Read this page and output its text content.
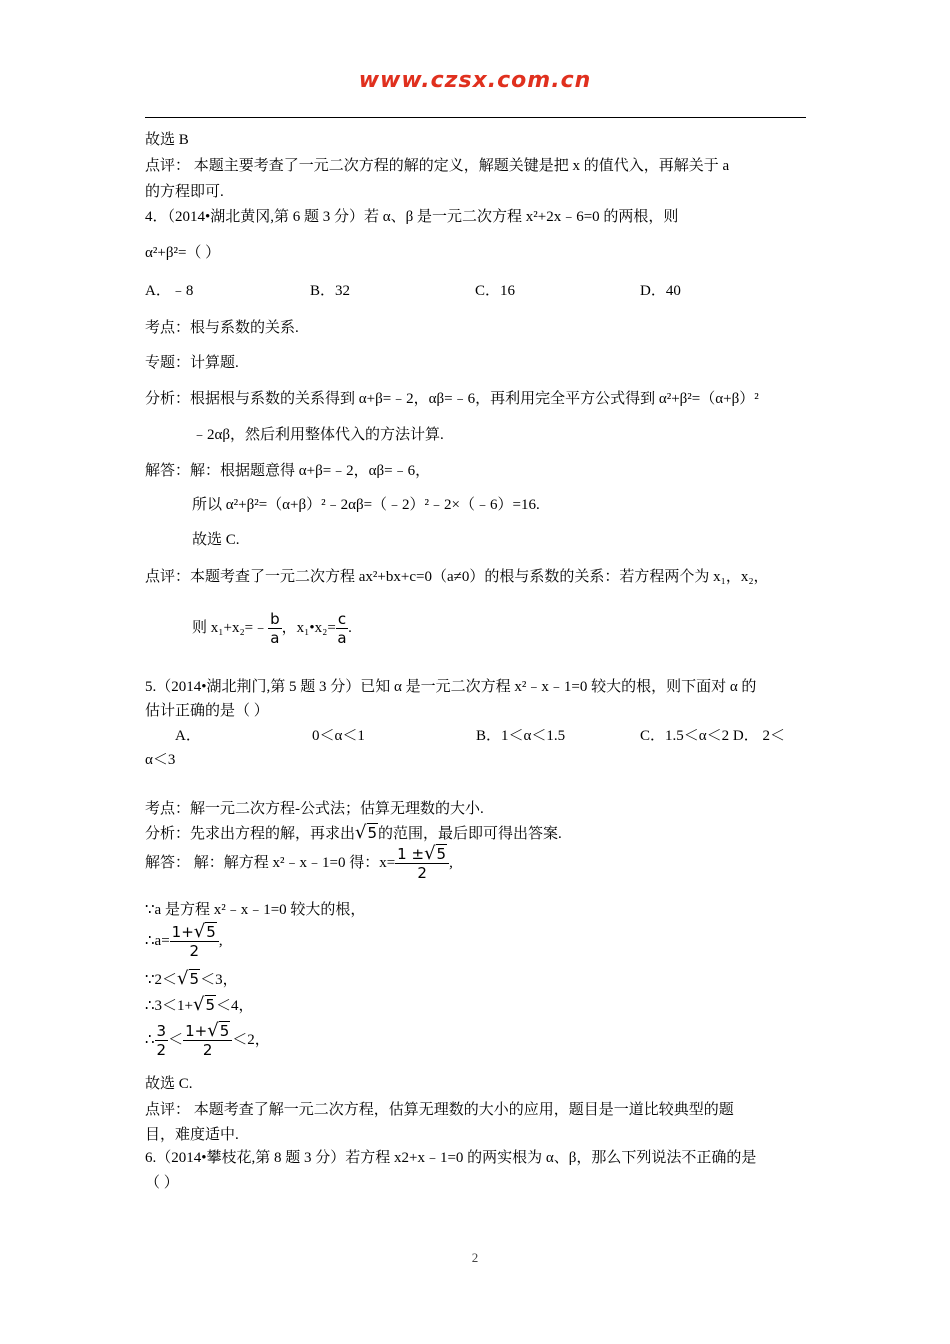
www.czsx.com.cn
故选 B
点评： 本题主要考查了一元二次方程的解的定义，解题关键是把 x 的值代入，再解关于 a
的方程即可.
4．（2014•湖北黄冈,第 6 题 3 分）若 α、β 是一元二次方程 x²+2x﹣6=0 的两根，则
α²+β²=（ ）
A．﹣8	B．32	C．16	D．40
考点：根与系数的关系.
专题：计算题.
分析：根据根与系数的关系得到 α+β=﹣2，αβ=﹣6，再利用完全平方公式得到 α²+β²=（α+β）²
﹣2αβ，然后利用整体代入的方法计算.
解答：解：根据题意得 α+β=﹣2，αβ=﹣6，
所以 α²+β²=（α+β）²﹣2αβ=（﹣2）²﹣2×（﹣6）=16.
故选 C.
点评：本题考查了一元二次方程 ax²+bx+c=0（a≠0）的根与系数的关系：若方程两个为 x₁，x₂，
则 x₁+x₂=﹣ $\frac{b}{a}$ ，x₁•x₂= $\frac{c}{a}$ .
5.（2014•湖北荆门,第 5 题 3 分）已知 α 是一元二次方程 x²﹣x﹣1=0 较大的根，则下面对 α 的
估计正确的是（ ）
A．	0＜α＜1	B．1＜α＜1.5	C．1.5＜α＜2 D． 2＜
α＜3
考点：解一元二次方程-公式法；估算无理数的大小.
分析：先求出方程的解，再求出√5的范围，最后即可得出答案.
解答： 解：解方程 x²﹣x﹣1=0 得：$x= \frac{1 \pm√5}{2}$ ,
∵a 是方程 x²﹣x﹣1=0 较大的根，
∴a= $\frac{1+√5}{2}$ ,
∵2＜√5＜3，
∴3＜1+√5＜4，
∴ $\frac{3}{2} < \frac{1+√5}{2} <2$，
故选 C.
点评： 本题考查了解一元二次方程，估算无理数的大小的应用，题目是一道比较典型的题
目，难度适中.
6.（2014•攀枝花,第 8 题 3 分）若方程 x2+x﹣1=0 的两实根为 α、β，那么下列说法不正确的是
（ ）
2
